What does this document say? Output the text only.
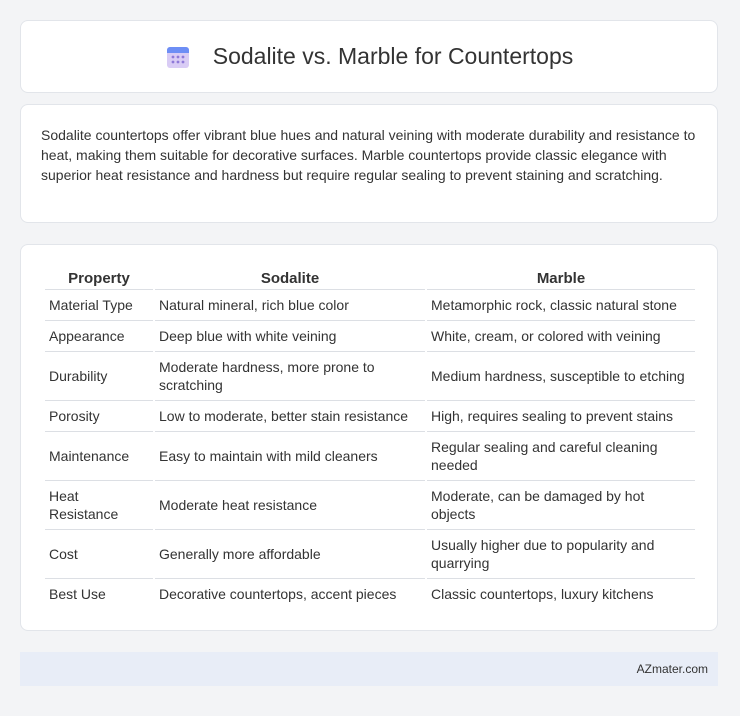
Sodalite vs. Marble for Countertops

Sodalite countertops offer vibrant blue hues and natural veining with moderate durability and resistance to heat, making them suitable for decorative surfaces. Marble countertops provide classic elegance with superior heat resistance and hardness but require regular sealing to prevent staining and scratching.

Property	Sodalite	Marble
Material Type	Natural mineral, rich blue color	Metamorphic rock, classic natural stone
Appearance	Deep blue with white veining	White, cream, or colored with veining
Durability	Moderate hardness, more prone to scratching	Medium hardness, susceptible to etching
Porosity	Low to moderate, better stain resistance	High, requires sealing to prevent stains
Maintenance	Easy to maintain with mild cleaners	Regular sealing and careful cleaning needed
Heat Resistance	Moderate heat resistance	Moderate, can be damaged by hot objects
Cost	Generally more affordable	Usually higher due to popularity and quarrying
Best Use	Decorative countertops, accent pieces	Classic countertops, luxury kitchens
AZmater.com
